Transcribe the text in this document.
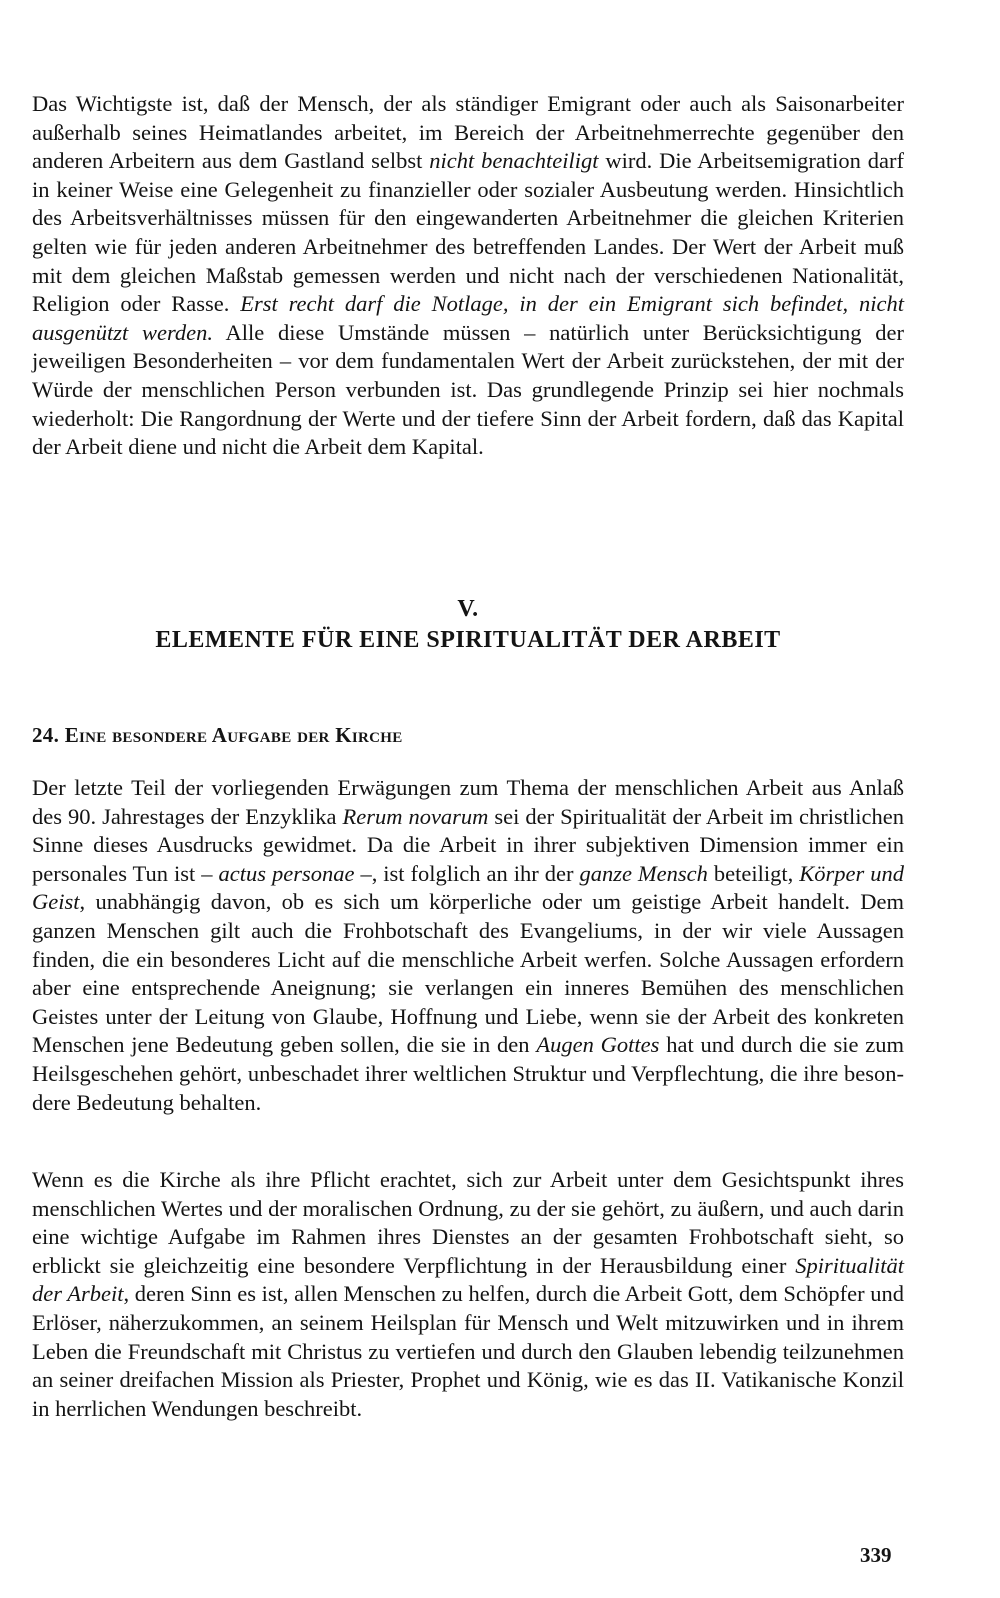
Das Wichtigste ist, daß der Mensch, der als ständiger Emigrant oder auch als Saisonarbeiter außerhalb seines Heimatlandes arbeitet, im Bereich der Arbeitnehmerrechte gegenüber den anderen Arbeitern aus dem Gastland selbst nicht benachteiligt wird. Die Arbeitsemigration darf in keiner Weise eine Gelegenheit zu finanzieller oder sozialer Ausbeutung werden. Hinsichtlich des Arbeitsverhältnisses müssen für den eingewanderten Arbeitnehmer die gleichen Kriterien gelten wie für jeden anderen Arbeitnehmer des betreffenden Landes. Der Wert der Arbeit muß mit dem gleichen Maßstab gemessen werden und nicht nach der verschiedenen Nationalität, Religion oder Rasse. Erst recht darf die Notlage, in der ein Emigrant sich befindet, nicht ausgenützt werden. Alle diese Umstände müssen – natürlich unter Berücksichtigung der jeweiligen Besonderheiten – vor dem fundamentalen Wert der Arbeit zurückstehen, der mit der Würde der menschlichen Person verbunden ist. Das grundlegende Prinzip sei hier nochmals wiederholt: Die Rangordnung der Werte und der tiefere Sinn der Arbeit fordern, daß das Kapital der Arbeit diene und nicht die Arbeit dem Kapital.

V.
ELEMENTE FÜR EINE SPIRITUALITÄT DER ARBEIT
24. Eine besondere Aufgabe der Kirche

Der letzte Teil der vorliegenden Erwägungen zum Thema der menschlichen Arbeit aus Anlaß des 90. Jahrestages der Enzyklika Rerum novarum sei der Spiritualität der Arbeit im christlichen Sinne dieses Ausdrucks gewidmet. Da die Arbeit in ihrer subjektiven Dimension immer ein personales Tun ist – actus personae –, ist folglich an ihr der ganze Mensch beteiligt, Körper und Geist, unabhängig davon, ob es sich um körperliche oder um geistige Arbeit handelt. Dem ganzen Menschen gilt auch die Frohbotschaft des Evangeliums, in der wir viele Aussagen finden, die ein besonderes Licht auf die menschliche Arbeit werfen. Solche Aussagen erfordern aber eine entsprechende Aneignung; sie verlangen ein inneres Bemühen des menschlichen Geistes unter der Leitung von Glaube, Hoffnung und Liebe, wenn sie der Arbeit des konkreten Menschen jene Bedeutung geben sollen, die sie in den Augen Gottes hat und durch die sie zum Heilsgeschehen gehört, unbeschadet ihrer weltlichen Struktur und Verpflechtung, die ihre besondere Bedeutung behalten.

Wenn es die Kirche als ihre Pflicht erachtet, sich zur Arbeit unter dem Gesichtspunkt ihres menschlichen Wertes und der moralischen Ordnung, zu der sie gehört, zu äußern, und auch darin eine wichtige Aufgabe im Rahmen ihres Dienstes an der gesamten Frohbotschaft sieht, so erblickt sie gleichzeitig eine besondere Verpflichtung in der Herausbildung einer Spiritualität der Arbeit, deren Sinn es ist, allen Menschen zu helfen, durch die Arbeit Gott, dem Schöpfer und Erlöser, näherzukommen, an seinem Heilsplan für Mensch und Welt mitzuwirken und in ihrem Leben die Freundschaft mit Christus zu vertiefen und durch den Glauben lebendig teilzunehmen an seiner dreifachen Mission als Priester, Prophet und König, wie es das II. Vatikanische Konzil in herrlichen Wendungen beschreibt.

339
